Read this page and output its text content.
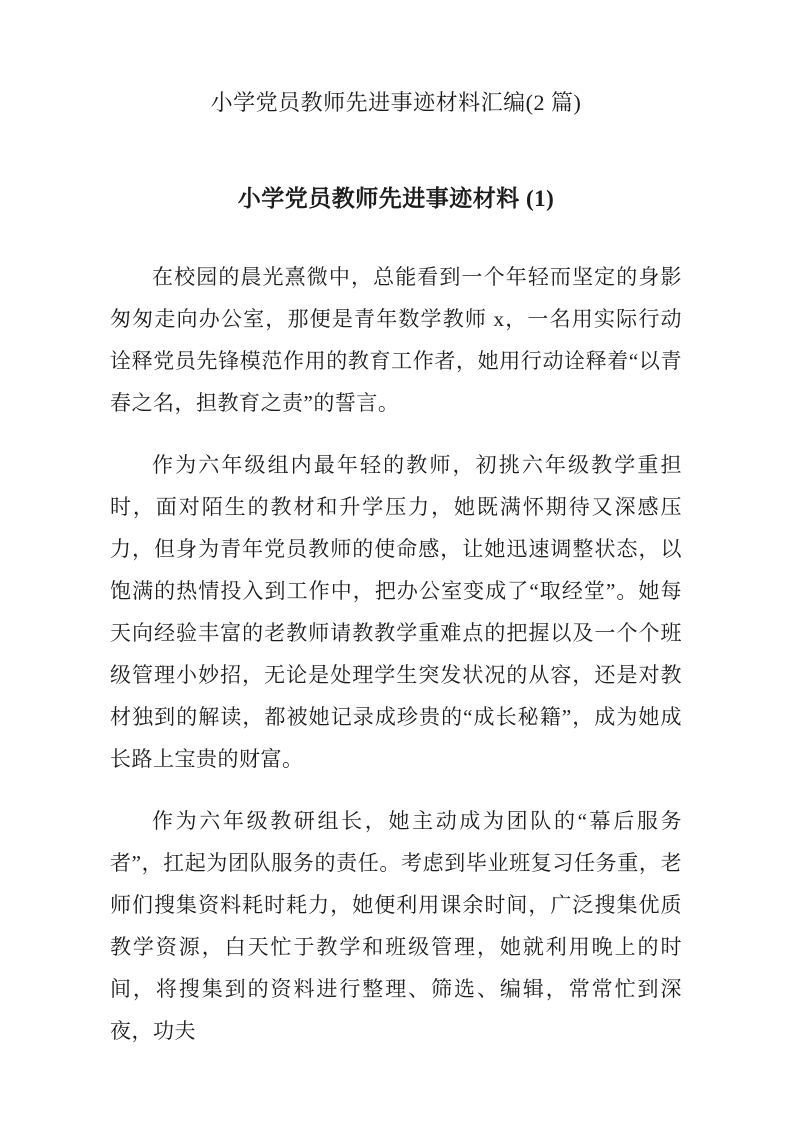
小学党员教师先进事迹材料汇编(2 篇)
小学党员教师先进事迹材料 (1)

在校园的晨光熹微中，总能看到一个年轻而坚定的身影匆匆走向办公室，那便是青年数学教师 x，一名用实际行动诠释党员先锋模范作用的教育工作者，她用行动诠释着“以青春之名，担教育之责”的誓言。

作为六年级组内最年轻的教师，初挑六年级教学重担时，面对陌生的教材和升学压力，她既满怀期待又深感压力，但身为青年党员教师的使命感，让她迅速调整状态，以饱满的热情投入到工作中，把办公室变成了“取经堂”。她每天向经验丰富的老教师请教教学重难点的把握以及一个个班级管理小妙招，无论是处理学生突发状况的从容，还是对教材独到的解读，都被她记录成珍贵的“成长秘籍”，成为她成长路上宝贵的财富。

作为六年级教研组长，她主动成为团队的“幕后服务者”，扛起为团队服务的责任。考虑到毕业班复习任务重，老师们搜集资料耗时耗力，她便利用课余时间，广泛搜集优质教学资源，白天忙于教学和班级管理，她就利用晚上的时间，将搜集到的资料进行整理、筛选、编辑，常常忙到深夜，功夫
